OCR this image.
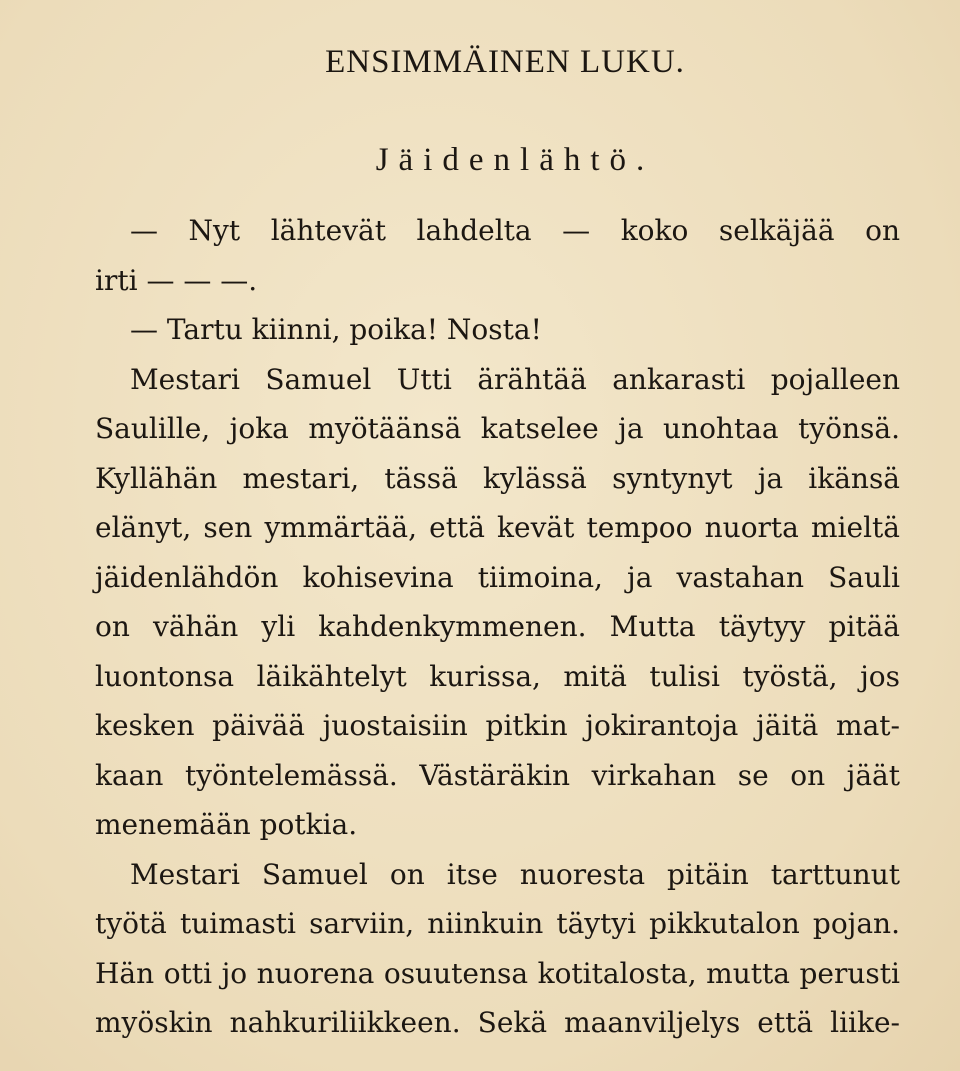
ENSIMMÄINEN LUKU.
Jäidenlähtö.
— Nyt lähtevät lahdelta — koko selkäjää on
irti — — —.
— Tartu kiinni, poika! Nosta!
Mestari Samuel Utti ärähtää ankarasti pojalleen
Saulille, joka myötäänsä katselee ja unohtaa työnsä.
Kyllähän mestari, tässä kylässä syntynyt ja ikänsä
elänyt, sen ymmärtää, että kevät tempoo nuorta mieltä
jäidenlähdön kohisevina tiimoina, ja vastahan Sauli
on vähän yli kahdenkymmenen. Mutta täytyy pitää
luontonsa läikähtelyt kurissa, mitä tulisi työstä, jos
kesken päivää juostaisiin pitkin jokirantoja jäitä mat-
kaan työntelemässä. Västäräkin virkahan se on jäät
menemään potkia.
Mestari Samuel on itse nuoresta pitäin tarttunut
työtä tuimasti sarviin, niinkuin täytyi pikkutalon pojan.
Hän otti jo nuorena osuutensa kotitalosta, mutta perusti
myöskin nahkuriliikkeen. Sekä maanviljelys että liike-
